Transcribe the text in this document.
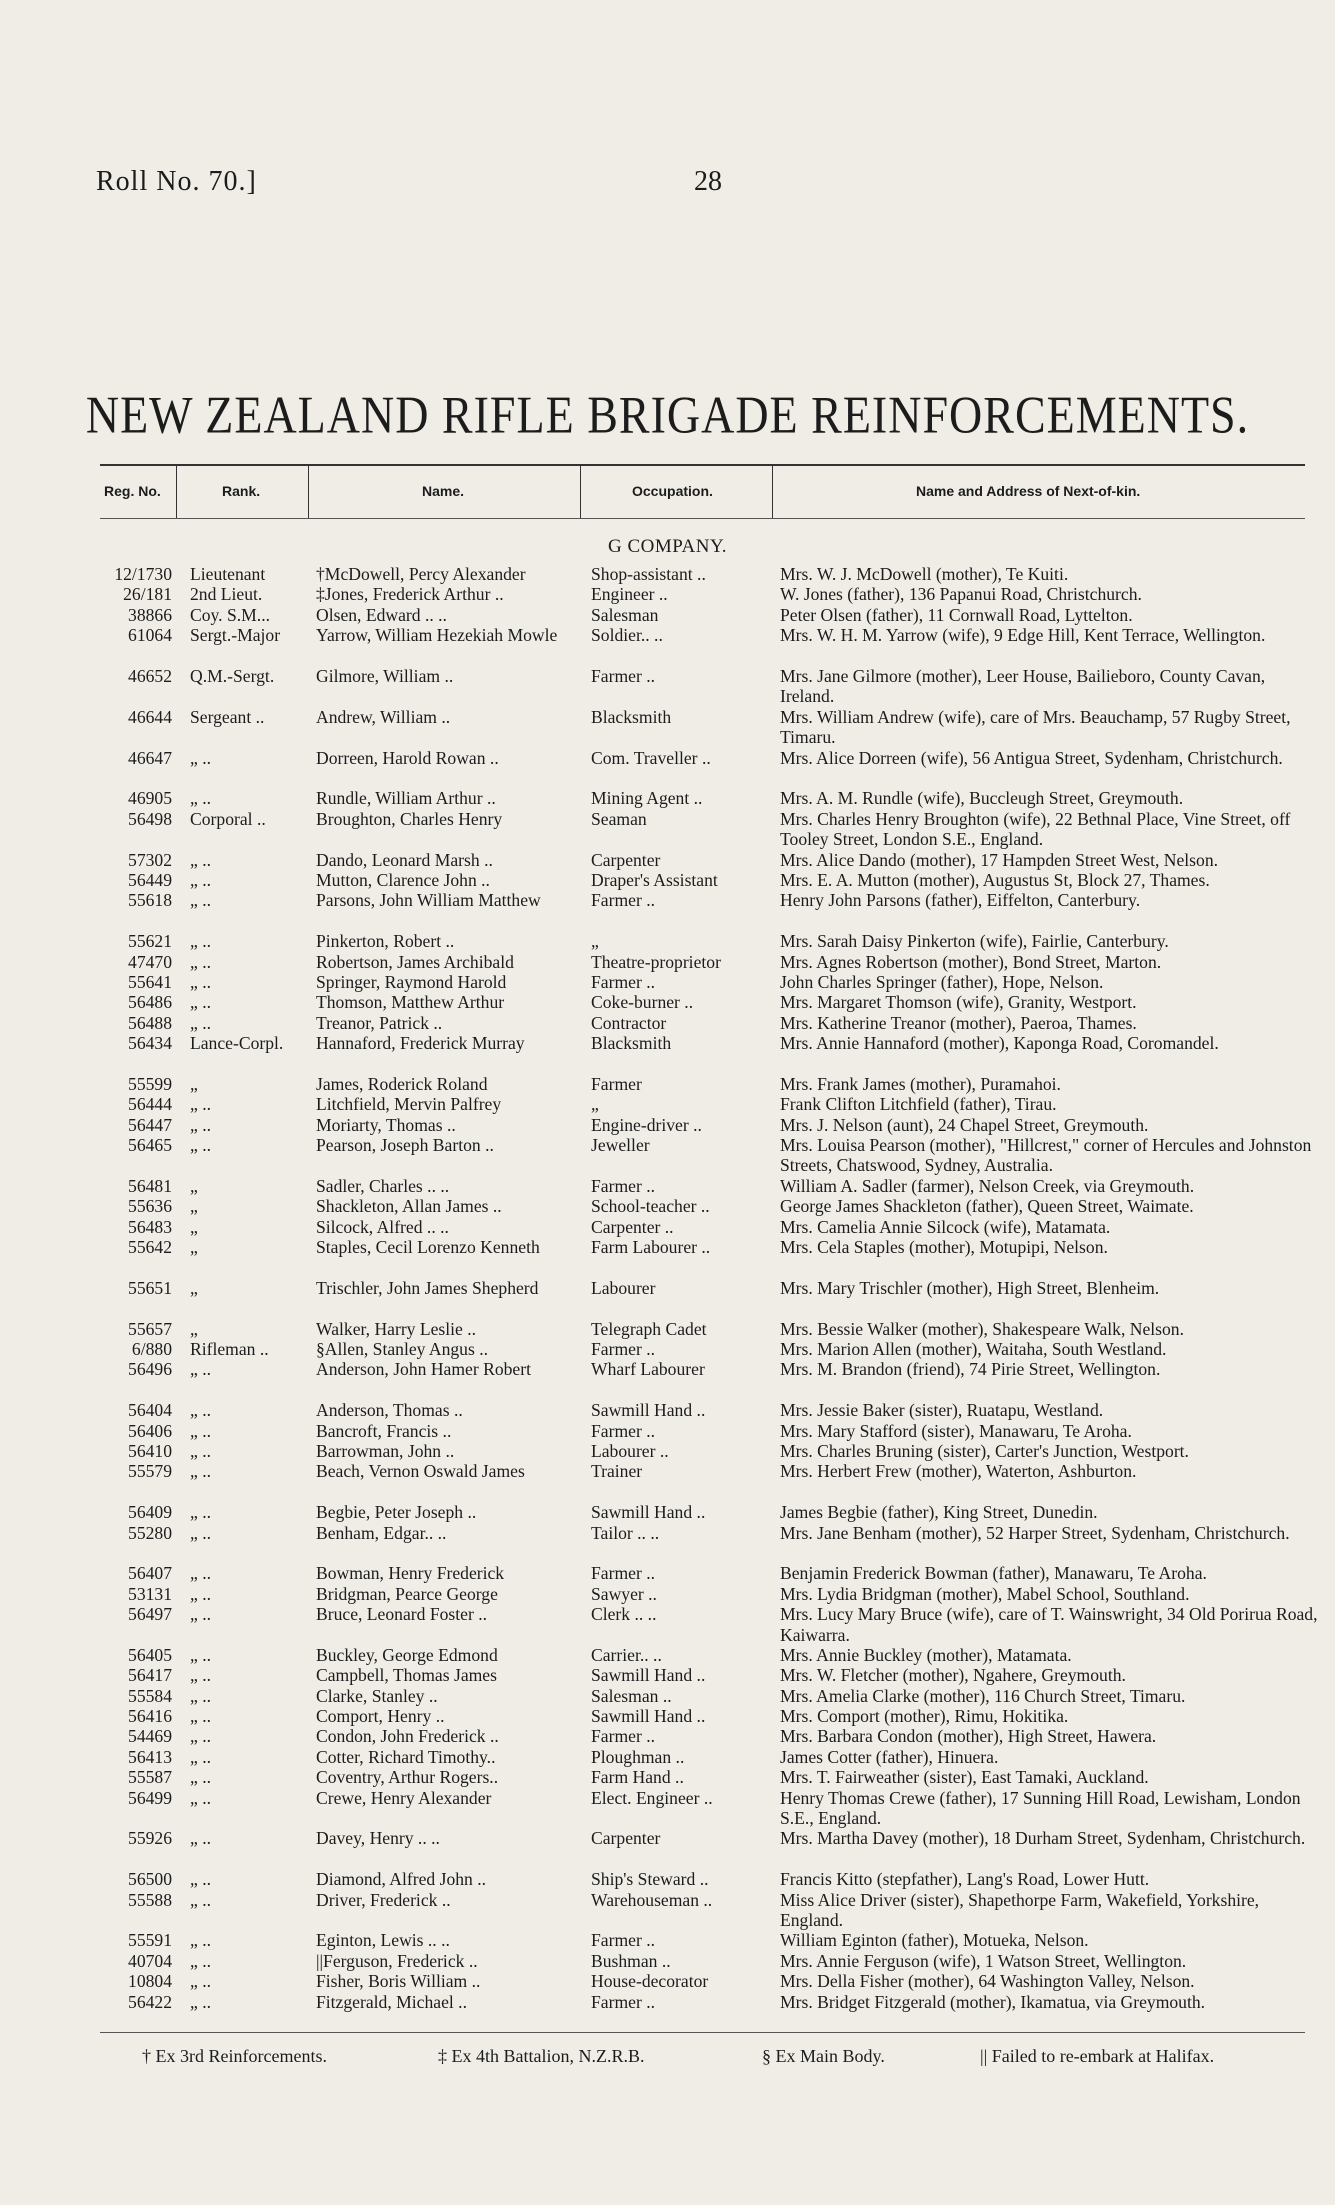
Roll No. 70.]	28
NEW ZEALAND RIFLE BRIGADE REINFORCEMENTS.
Reg. No.	Rank.	Name.	Occupation.	Name and Address of Next-of-kin.
G COMPANY.
12/1730 Lieutenant	†McDowell, Percy Alexander	Shop-assistant ..	Mrs. W. J. McDowell (mother), Te Kuiti.
26/181 2nd Lieut.	‡Jones, Frederick Arthur ..	Engineer ..	W. Jones (father), 136 Papanui Road, Christchurch.
38866 Coy. S.M...	Olsen, Edward .. ..	Salesman	Peter Olsen (father), 11 Cornwall Road, Lyttelton.
61064 Sergt.-Major	Yarrow, William Hezekiah Mowle	Soldier.. ..	Mrs. W. H. M. Yarrow (wife), 9 Edge Hill, Kent Terrace, Wellington.
46652 Q.M.-Sergt.	Gilmore, William ..	Farmer ..	Mrs. Jane Gilmore (mother), Leer House, Bailieboro, County Cavan, Ireland.
46644 Sergeant ..	Andrew, William ..	Blacksmith	Mrs. William Andrew (wife), care of Mrs. Beauchamp, 57 Rugby Street, Timaru.
46647 „ ..	Dorreen, Harold Rowan ..	Com. Traveller ..	Mrs. Alice Dorreen (wife), 56 Antigua Street, Sydenham, Christchurch.
46905 „ ..	Rundle, William Arthur ..	Mining Agent ..	Mrs. A. M. Rundle (wife), Buccleugh Street, Greymouth.
56498 Corporal ..	Broughton, Charles Henry	Seaman	Mrs. Charles Henry Broughton (wife), 22 Bethnal Place, Vine Street, off Tooley Street, London S.E., England.
57302 „ ..	Dando, Leonard Marsh ..	Carpenter	Mrs. Alice Dando (mother), 17 Hampden Street West, Nelson.
56449 „ ..	Mutton, Clarence John ..	Draper's Assistant	Mrs. E. A. Mutton (mother), Augustus St, Block 27, Thames.
55618 „ ..	Parsons, John William Matthew	Farmer ..	Henry John Parsons (father), Eiffelton, Canterbury.
55621 „ ..	Pinkerton, Robert ..	„	Mrs. Sarah Daisy Pinkerton (wife), Fairlie, Canterbury.
47470 „ ..	Robertson, James Archibald	Theatre-proprietor	Mrs. Agnes Robertson (mother), Bond Street, Marton.
55641 „ ..	Springer, Raymond Harold	Farmer ..	John Charles Springer (father), Hope, Nelson.
56486 „ ..	Thomson, Matthew Arthur	Coke-burner ..	Mrs. Margaret Thomson (wife), Granity, Westport.
56488 „ ..	Treanor, Patrick ..	Contractor	Mrs. Katherine Treanor (mother), Paeroa, Thames.
56434 Lance-Corpl.	Hannaford, Frederick Murray	Blacksmith	Mrs. Annie Hannaford (mother), Kaponga Road, Coromandel.
55599 „	James, Roderick Roland	Farmer	Mrs. Frank James (mother), Puramahoi.
56444 „ ..	Litchfield, Mervin Palfrey	„	Frank Clifton Litchfield (father), Tirau.
56447 „ ..	Moriarty, Thomas ..	Engine-driver ..	Mrs. J. Nelson (aunt), 24 Chapel Street, Greymouth.
56465 „ ..	Pearson, Joseph Barton ..	Jeweller	Mrs. Louisa Pearson (mother), "Hillcrest," corner of Hercules and Johnston Streets, Chatswood, Sydney, Australia.
56481 „	Sadler, Charles .. ..	Farmer ..	William A. Sadler (farmer), Nelson Creek, via Greymouth.
55636 „	Shackleton, Allan James ..	School-teacher ..	George James Shackleton (father), Queen Street, Waimate.
56483 „	Silcock, Alfred .. ..	Carpenter ..	Mrs. Camelia Annie Silcock (wife), Matamata.
55642 „	Staples, Cecil Lorenzo Kenneth	Farm Labourer ..	Mrs. Cela Staples (mother), Motupipi, Nelson.
55651 „	Trischler, John James Shepherd	Labourer	Mrs. Mary Trischler (mother), High Street, Blenheim.
55657 „	Walker, Harry Leslie ..	Telegraph Cadet	Mrs. Bessie Walker (mother), Shakespeare Walk, Nelson.
6/880 Rifleman ..	§Allen, Stanley Angus ..	Farmer ..	Mrs. Marion Allen (mother), Waitaha, South Westland.
56496 „ ..	Anderson, John Hamer Robert	Wharf Labourer	Mrs. M. Brandon (friend), 74 Pirie Street, Wellington.
56404 „ ..	Anderson, Thomas ..	Sawmill Hand ..	Mrs. Jessie Baker (sister), Ruatapu, Westland.
56406 „ ..	Bancroft, Francis ..	Farmer ..	Mrs. Mary Stafford (sister), Manawaru, Te Aroha.
56410 „ ..	Barrowman, John ..	Labourer ..	Mrs. Charles Bruning (sister), Carter's Junction, Westport.
55579 „ ..	Beach, Vernon Oswald James	Trainer	Mrs. Herbert Frew (mother), Waterton, Ashburton.
56409 „ ..	Begbie, Peter Joseph ..	Sawmill Hand ..	James Begbie (father), King Street, Dunedin.
55280 „ ..	Benham, Edgar.. ..	Tailor .. ..	Mrs. Jane Benham (mother), 52 Harper Street, Sydenham, Christchurch.
56407 „ ..	Bowman, Henry Frederick	Farmer ..	Benjamin Frederick Bowman (father), Manawaru, Te Aroha.
53131 „ ..	Bridgman, Pearce George	Sawyer ..	Mrs. Lydia Bridgman (mother), Mabel School, Southland.
56497 „ ..	Bruce, Leonard Foster ..	Clerk .. ..	Mrs. Lucy Mary Bruce (wife), care of T. Wainswright, 34 Old Porirua Road, Kaiwarra.
56405 „ ..	Buckley, George Edmond	Carrier.. ..	Mrs. Annie Buckley (mother), Matamata.
56417 „ ..	Campbell, Thomas James	Sawmill Hand ..	Mrs. W. Fletcher (mother), Ngahere, Greymouth.
55584 „ ..	Clarke, Stanley ..	Salesman ..	Mrs. Amelia Clarke (mother), 116 Church Street, Timaru.
56416 „ ..	Comport, Henry ..	Sawmill Hand ..	Mrs. Comport (mother), Rimu, Hokitika.
54469 „ ..	Condon, John Frederick ..	Farmer ..	Mrs. Barbara Condon (mother), High Street, Hawera.
56413 „ ..	Cotter, Richard Timothy..	Ploughman ..	James Cotter (father), Hinuera.
55587 „ ..	Coventry, Arthur Rogers..	Farm Hand ..	Mrs. T. Fairweather (sister), East Tamaki, Auckland.
56499 „ ..	Crewe, Henry Alexander	Elect. Engineer ..	Henry Thomas Crewe (father), 17 Sunning Hill Road, Lewisham, London S.E., England.
55926 „ ..	Davey, Henry .. ..	Carpenter	Mrs. Martha Davey (mother), 18 Durham Street, Sydenham, Christchurch.
56500 „ ..	Diamond, Alfred John ..	Ship's Steward ..	Francis Kitto (stepfather), Lang's Road, Lower Hutt.
55588 „ ..	Driver, Frederick ..	Warehouseman ..	Miss Alice Driver (sister), Shapethorpe Farm, Wakefield, Yorkshire, England.
55591 „ ..	Eginton, Lewis .. ..	Farmer ..	William Eginton (father), Motueka, Nelson.
40704 „ ..	||Ferguson, Frederick ..	Bushman ..	Mrs. Annie Ferguson (wife), 1 Watson Street, Wellington.
10804 „ ..	Fisher, Boris William ..	House-decorator	Mrs. Della Fisher (mother), 64 Washington Valley, Nelson.
56422 „ ..	Fitzgerald, Michael ..	Farmer ..	Mrs. Bridget Fitzgerald (mother), Ikamatua, via Greymouth.
† Ex 3rd Reinforcements.	‡ Ex 4th Battalion, N.Z.R.B.	§ Ex Main Body.	|| Failed to re-embark at Halifax.
